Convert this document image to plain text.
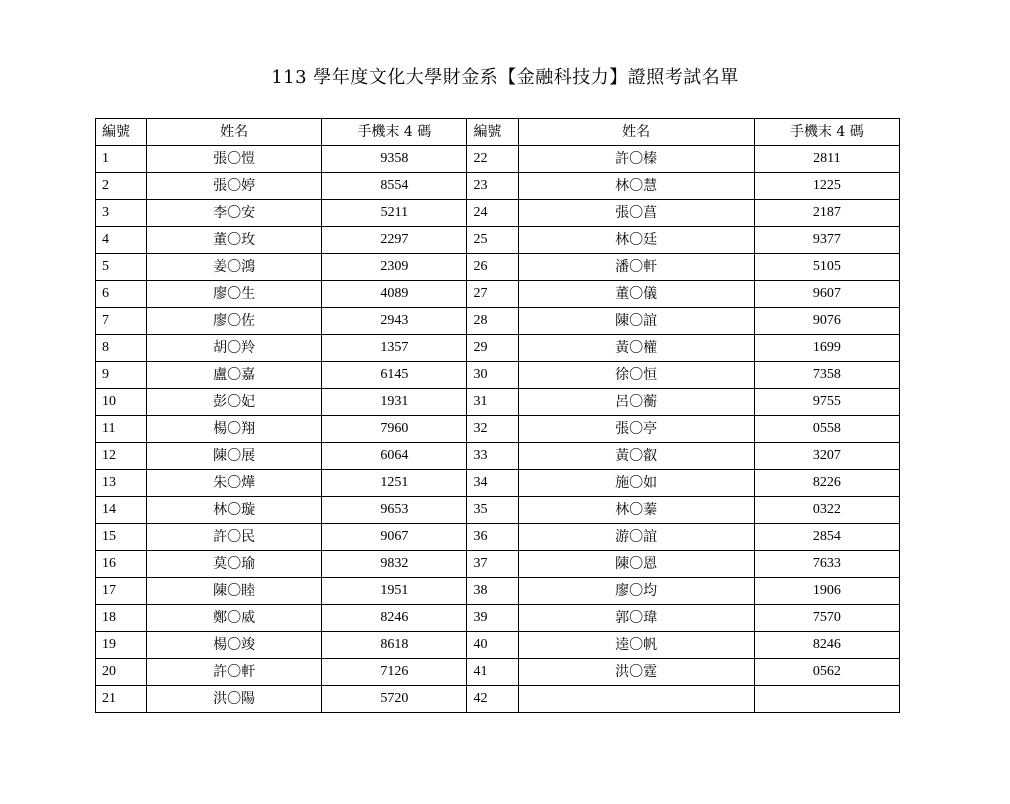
113 學年度文化大學財金系【金融科技力】證照考試名單
編號	姓名	手機末 4 碼	編號	姓名	手機末 4 碼
1	張〇愷	9358	22	許〇榛	2811
2	張〇婷	8554	23	林〇慧	1225
3	李〇安	5211	24	張〇菖	2187
4	董〇玫	2297	25	林〇廷	9377
5	姜〇鴻	2309	26	潘〇軒	5105
6	廖〇生	4089	27	董〇儀	9607
7	廖〇佐	2943	28	陳〇誼	9076
8	胡〇羚	1357	29	黃〇權	1699
9	盧〇嘉	6145	30	徐〇恒	7358
10	彭〇妃	1931	31	呂〇蘅	9755
11	楊〇翔	7960	32	張〇亭	0558
12	陳〇展	6064	33	黃〇叡	3207
13	朱〇燁	1251	34	施〇如	8226
14	林〇璇	9653	35	林〇蓁	0322
15	許〇民	9067	36	游〇誼	2854
16	莫〇瑜	9832	37	陳〇恩	7633
17	陳〇睦	1951	38	廖〇均	1906
18	鄭〇威	8246	39	郭〇瑋	7570
19	楊〇竣	8618	40	逵〇帆	8246
20	許〇軒	7126	41	洪〇霆	0562
21	洪〇陽	5720	42		
